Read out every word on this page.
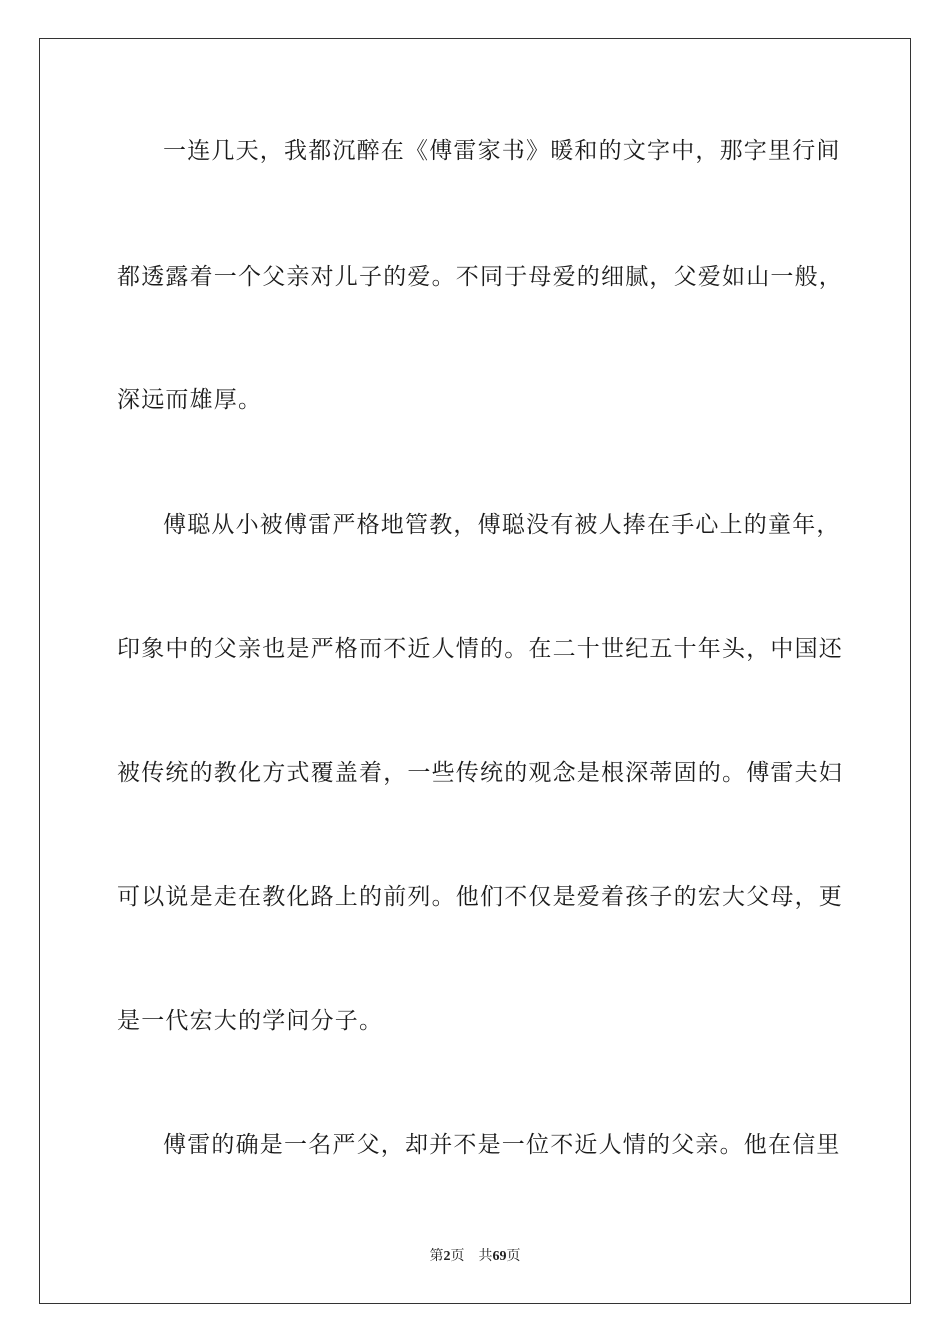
一连几天，我都沉醉在《傅雷家书》暖和的文字中，那字里行间
都透露着一个父亲对儿子的爱。不同于母爱的细腻，父爱如山一般，
深远而雄厚。
傅聪从小被傅雷严格地管教，傅聪没有被人捧在手心上的童年，
印象中的父亲也是严格而不近人情的。在二十世纪五十年头，中国还
被传统的教化方式覆盖着，一些传统的观念是根深蒂固的。傅雷夫妇
可以说是走在教化路上的前列。他们不仅是爱着孩子的宏大父母，更
是一代宏大的学问分子。
傅雷的确是一名严父，却并不是一位不近人情的父亲。他在信里
第2页 共69页
